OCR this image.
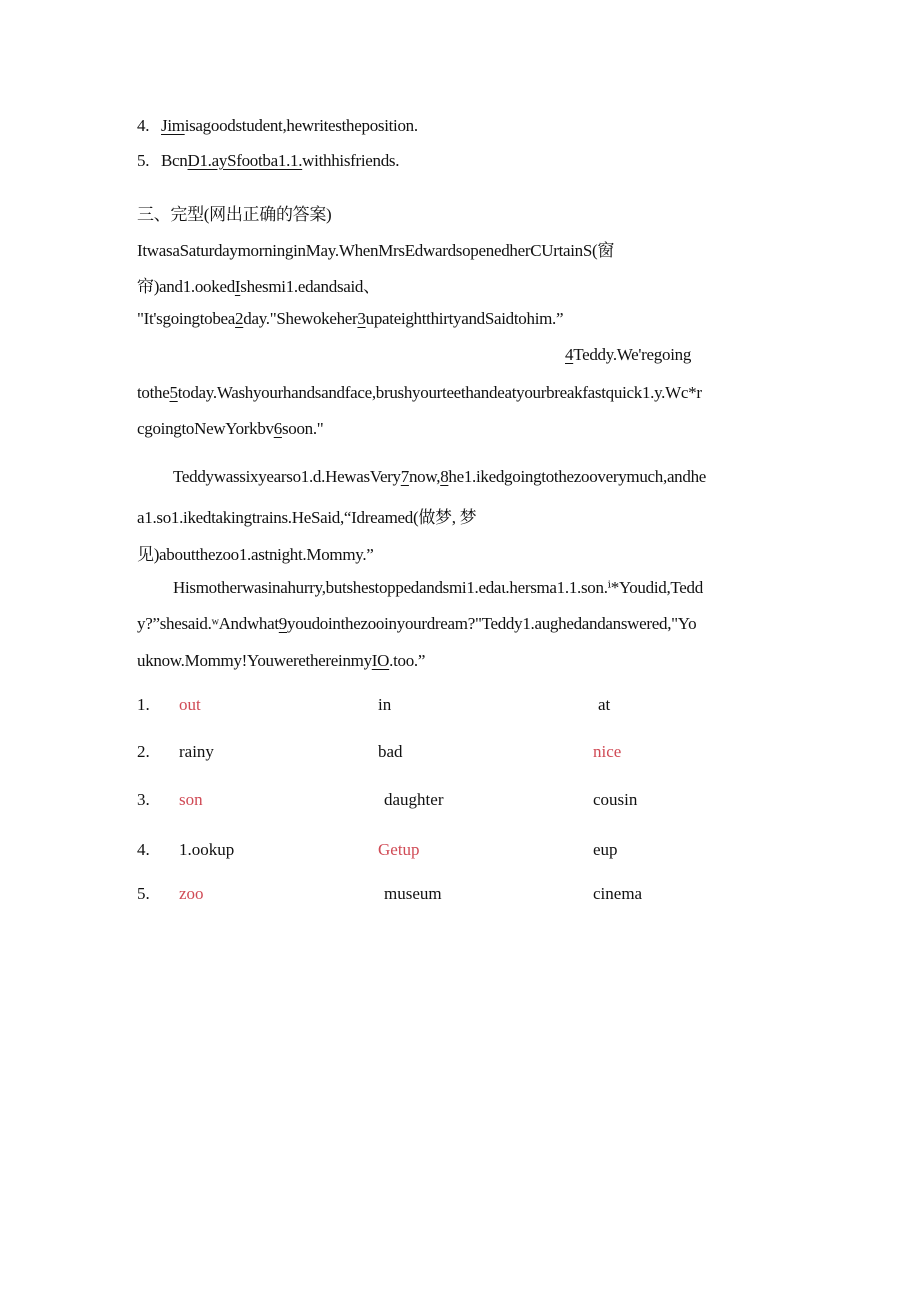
4. Jimisagoodstudent,hewritestheposition.
5. BcnD1.aySfootba1.1.withhisfriends.
三、完型(网出正确的答案)
ItwasaSaturdaymorninginMay.WhenMrsEdwardsopenedherCUrtainS(窗
帘)and1.ookedIshesmi1.edandsaid、
"It'sgoingtobea2day."Shewokeher3upateightthirtyandSaidtohim.”
4Teddy.We'regoing
tothe5today.Washyourhandsandface,brushyourteethandeatyourbreakfastquick1.y.Wc*r
cgoingtoNewYorkbv6soon."
Teddywassixyearso1.d.HewasVery7now,8he1.ikedgoingtothezooverymuch,andhe
a1.so1.ikedtakingtrains.HeSaid,“Idreamed(做梦, 梦
见)aboutthezoo1.astnight.Mommy.”
Hismotherwasinahurry,butshestoppedandsmi1.edaι.hersma1.1.son.ⁱ*Youdid,Tedd
y?”shesaid.ʷAndwhat9youdointhezooinyourdream?"Teddy1.aughedandanswered,"Yo
uknow.Mommy!YouwerethereinmyIO.too.”
1. out	in	at
2. rainy	bad	nice
3. son	daughter	cousin
4. 1.ookup	Getup	eup
5. zoo	museum	cinema
